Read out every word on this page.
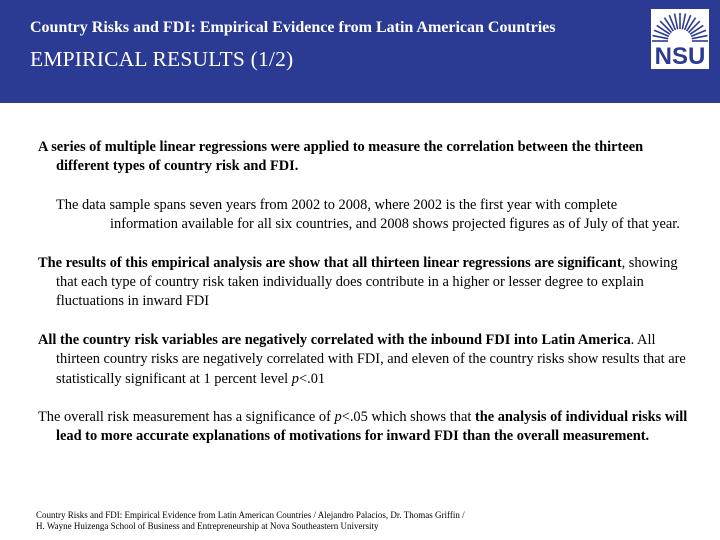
Country Risks and FDI: Empirical Evidence from Latin American Countries
EMPIRICAL RESULTS (1/2)	NSU

A series of multiple linear regressions were applied to measure the correlation between the thirteen different types of country risk and FDI.

The data sample spans seven years from 2002 to 2008, where 2002 is the first year with complete information available for all six countries, and 2008 shows projected figures as of July of that year.

The results of this empirical analysis are show that all thirteen linear regressions are significant, showing that each type of country risk taken individually does contribute in a higher or lesser degree to explain fluctuations in inward FDI

All the country risk variables are negatively correlated with the inbound FDI into Latin America. All thirteen country risks are negatively correlated with FDI, and eleven of the country risks show results that are statistically significant at 1 percent level p<.01

The overall risk measurement has a significance of p<.05 which shows that the analysis of individual risks will lead to more accurate explanations of motivations for inward FDI than the overall measurement.

Country Risks and FDI: Empirical Evidence from Latin American Countries / Alejandro Palacios, Dr. Thomas Griffin /
H. Wayne Huizenga School of Business and Entrepreneurship at Nova Southeastern University
